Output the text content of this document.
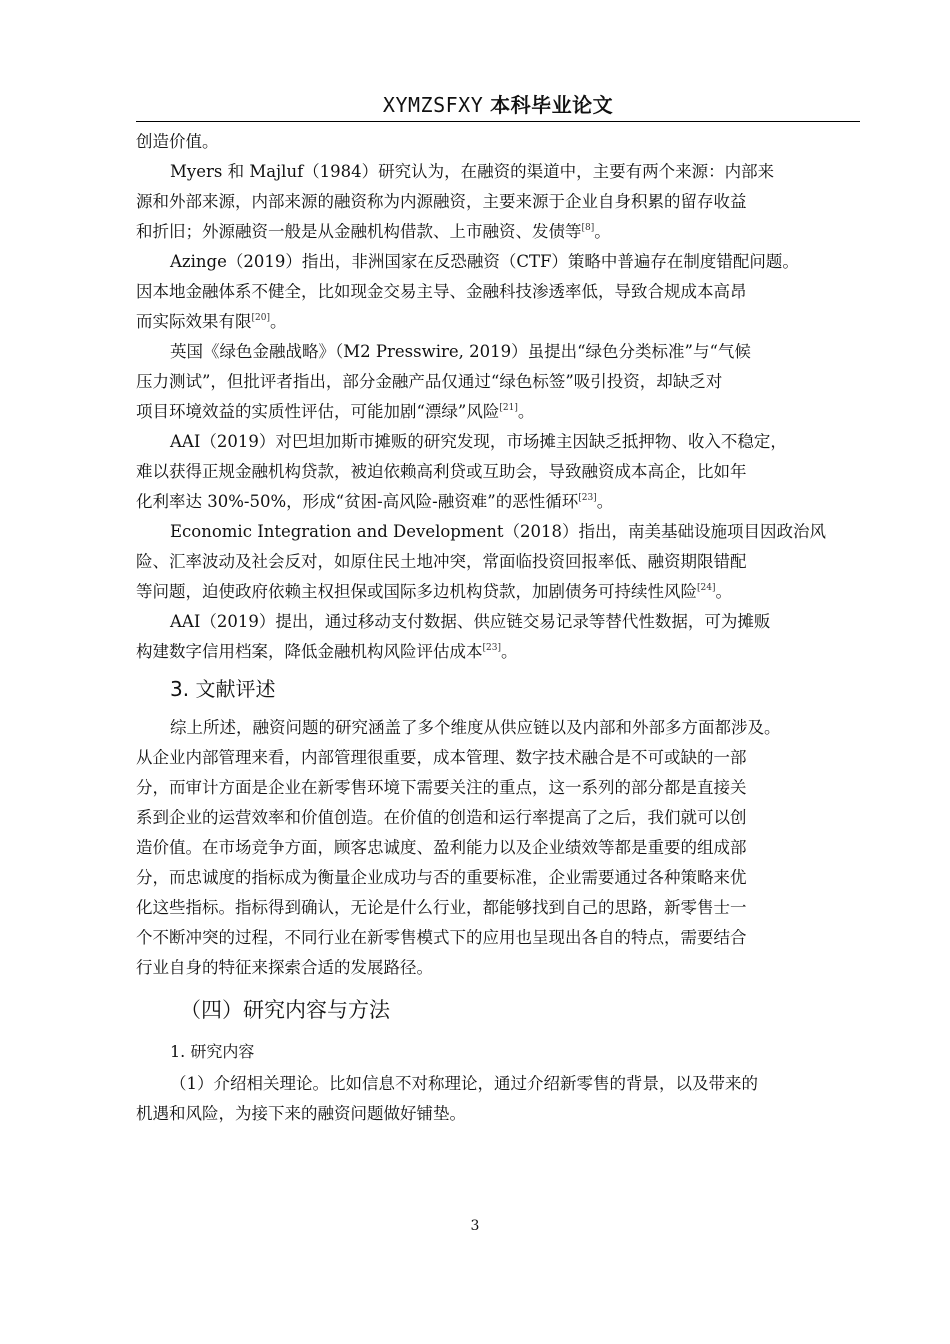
XYMZSFXY 本科毕业论文
创造价值。
Myers 和 Majluf（1984）研究认为，在融资的渠道中，主要有两个来源：内部来
源和外部来源，内部来源的融资称为内源融资，主要来源于企业自身积累的留存收益
和折旧；外源融资一般是从金融机构借款、上市融资、发债等[8]。
Azinge（2019）指出，非洲国家在反恐融资（CTF）策略中普遍存在制度错配问题。
因本地金融体系不健全，比如现金交易主导、金融科技渗透率低，导致合规成本高昂
而实际效果有限[20]。
英国《绿色金融战略》（M2 Presswire, 2019）虽提出“绿色分类标准”与“气候
压力测试”，但批评者指出，部分金融产品仅通过“绿色标签”吸引投资，却缺乏对
项目环境效益的实质性评估，可能加剧“漂绿”风险[21]。
AAI（2019）对巴坦加斯市摊贩的研究发现，市场摊主因缺乏抵押物、收入不稳定，
难以获得正规金融机构贷款，被迫依赖高利贷或互助会，导致融资成本高企，比如年
化利率达 30%-50%，形成“贫困-高风险-融资难”的恶性循环[23]。
Economic Integration and Development（2018）指出，南美基础设施项目因政治风
险、汇率波动及社会反对，如原住民土地冲突，常面临投资回报率低、融资期限错配
等问题，迫使政府依赖主权担保或国际多边机构贷款，加剧债务可持续性风险[24]。
AAI（2019）提出，通过移动支付数据、供应链交易记录等替代性数据，可为摊贩
构建数字信用档案，降低金融机构风险评估成本[23]。
3. 文献评述
综上所述，融资问题的研究涵盖了多个维度从供应链以及内部和外部多方面都涉及。
从企业内部管理来看，内部管理很重要，成本管理、数字技术融合是不可或缺的一部
分，而审计方面是企业在新零售环境下需要关注的重点，这一系列的部分都是直接关
系到企业的运营效率和价值创造。在价值的创造和运行率提高了之后，我们就可以创
造价值。在市场竞争方面，顾客忠诚度、盈利能力以及企业绩效等都是重要的组成部
分，而忠诚度的指标成为衡量企业成功与否的重要标准，企业需要通过各种策略来优
化这些指标。指标得到确认，无论是什么行业，都能够找到自己的思路，新零售士一
个不断冲突的过程，不同行业在新零售模式下的应用也呈现出各自的特点，需要结合
行业自身的特征来探索合适的发展路径。
（四）研究内容与方法
1. 研究内容
（1）介绍相关理论。比如信息不对称理论，通过介绍新零售的背景，以及带来的
机遇和风险，为接下来的融资问题做好铺垫。
3
